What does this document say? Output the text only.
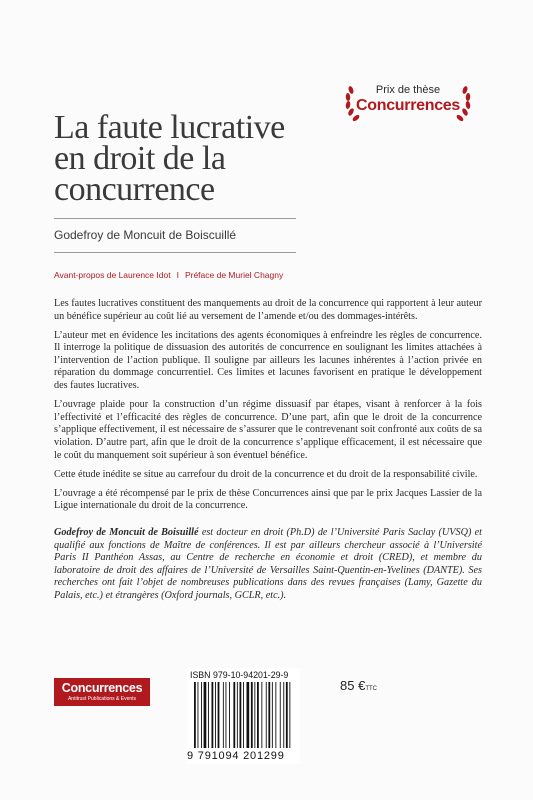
Prix de thèse
Concurrences
La faute lucrative
en droit de la
concurrence
Godefroy de Moncuit de Boiscuillé
Avant-propos de Laurence Idot I Préface de Muriel Chagny

Les fautes lucratives constituent des manquements au droit de la concurrence qui rapportent à leur auteur un bénéfice supérieur au coût lié au versement de l’amende et/ou des dommages-intérêts.

L’auteur met en évidence les incitations des agents économiques à enfreindre les règles de concurrence. Il interroge la politique de dissuasion des autorités de concurrence en soulignant les limites attachées à l’intervention de l’action publique. Il souligne par ailleurs les lacunes inhérentes à l’action privée en réparation du dommage concurrentiel. Ces limites et lacunes favorisent en pratique le développement des fautes lucratives.

L’ouvrage plaide pour la construction d’un régime dissuasif par étapes, visant à renforcer à la fois l’effectivité et l’efficacité des règles de concurrence. D’une part, afin que le droit de la concurrence s’applique effectivement, il est nécessaire de s’assurer que le contrevenant soit confronté aux coûts de sa violation. D’autre part, afin que le droit de la concurrence s’applique efficacement, il est nécessaire que le coût du manquement soit supérieur à son éventuel bénéfice.

Cette étude inédite se situe au carrefour du droit de la concurrence et du droit de la responsabilité civile.

L’ouvrage a été récompensé par le prix de thèse Concurrences ainsi que par le prix Jacques Lassier de la Ligue internationale du droit de la concurrence.

Godefroy de Moncuit de Boisuillé est docteur en droit (Ph.D) de l’Université Paris Saclay (UVSQ) et qualifié aux fonctions de Maître de conférences. Il est par ailleurs chercheur associé à l’Université Paris II Panthéon Assas, au Centre de recherche en économie et droit (CRED), et membre du laboratoire de droit des affaires de l’Université de Versailles Saint-Quentin-en-Yvelines (DANTE). Ses recherches ont fait l’objet de nombreuses publications dans des revues françaises (Lamy, Gazette du Palais, etc.) et étrangères (Oxford journals, GCLR, etc.).

Concurrences
Antitrust Publications & Events
ISBN 979-10-94201-29-9
9 791094 201299
85 €TTC
